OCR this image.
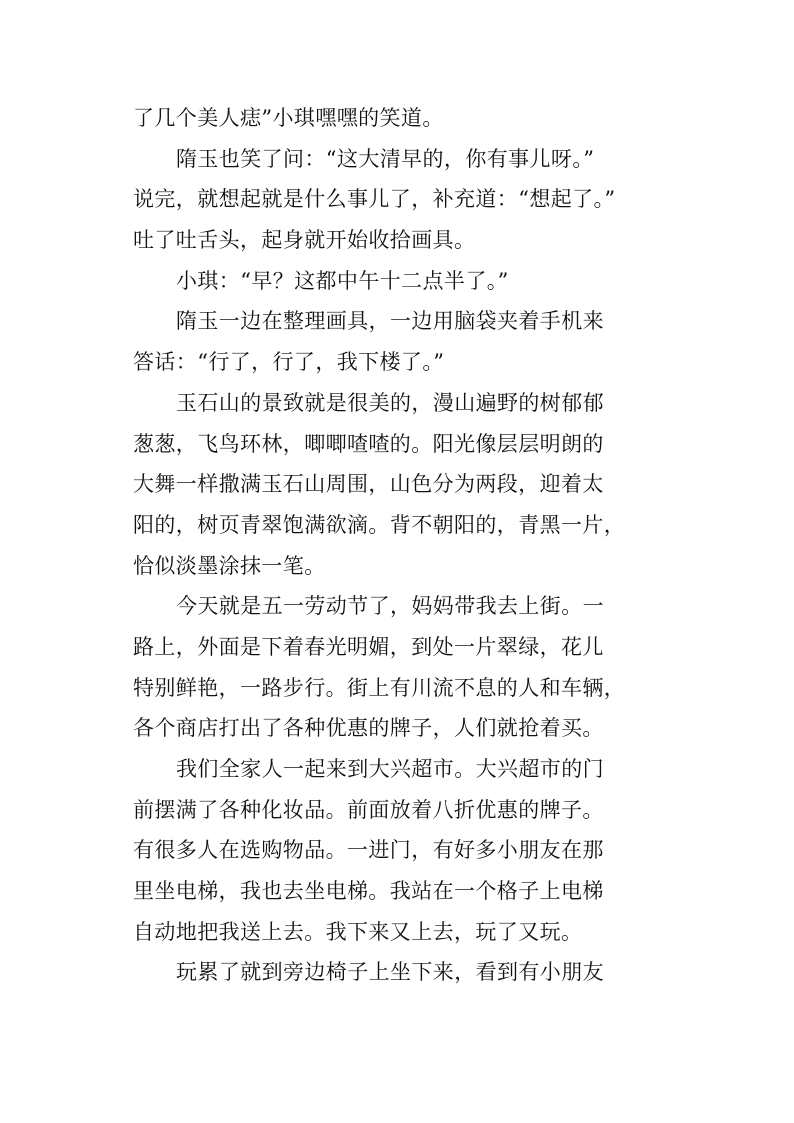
了几个美人痣”小琪嘿嘿的笑道。
隋玉也笑了问：“这大清早的，你有事儿呀。”
说完，就想起就是什么事儿了，补充道：“想起了。”
吐了吐舌头，起身就开始收拾画具。
小琪：“早？这都中午十二点半了。”
隋玉一边在整理画具，一边用脑袋夹着手机来
答话：“行了，行了，我下楼了。”
玉石山的景致就是很美的，漫山遍野的树郁郁
葱葱，飞鸟环林，唧唧喳喳的。阳光像层层明朗的
大舞一样撒满玉石山周围，山色分为两段，迎着太
阳的，树页青翠饱满欲滴。背不朝阳的，青黑一片，
恰似淡墨涂抹一笔。
今天就是五一劳动节了，妈妈带我去上街。一
路上，外面是下着春光明媚，到处一片翠绿，花儿
特别鲜艳，一路步行。街上有川流不息的人和车辆，
各个商店打出了各种优惠的牌子，人们就抢着买。
我们全家人一起来到大兴超市。大兴超市的门
前摆满了各种化妆品。前面放着八折优惠的牌子。
有很多人在选购物品。一进门，有好多小朋友在那
里坐电梯，我也去坐电梯。我站在一个格子上电梯
自动地把我送上去。我下来又上去，玩了又玩。
玩累了就到旁边椅子上坐下来，看到有小朋友
